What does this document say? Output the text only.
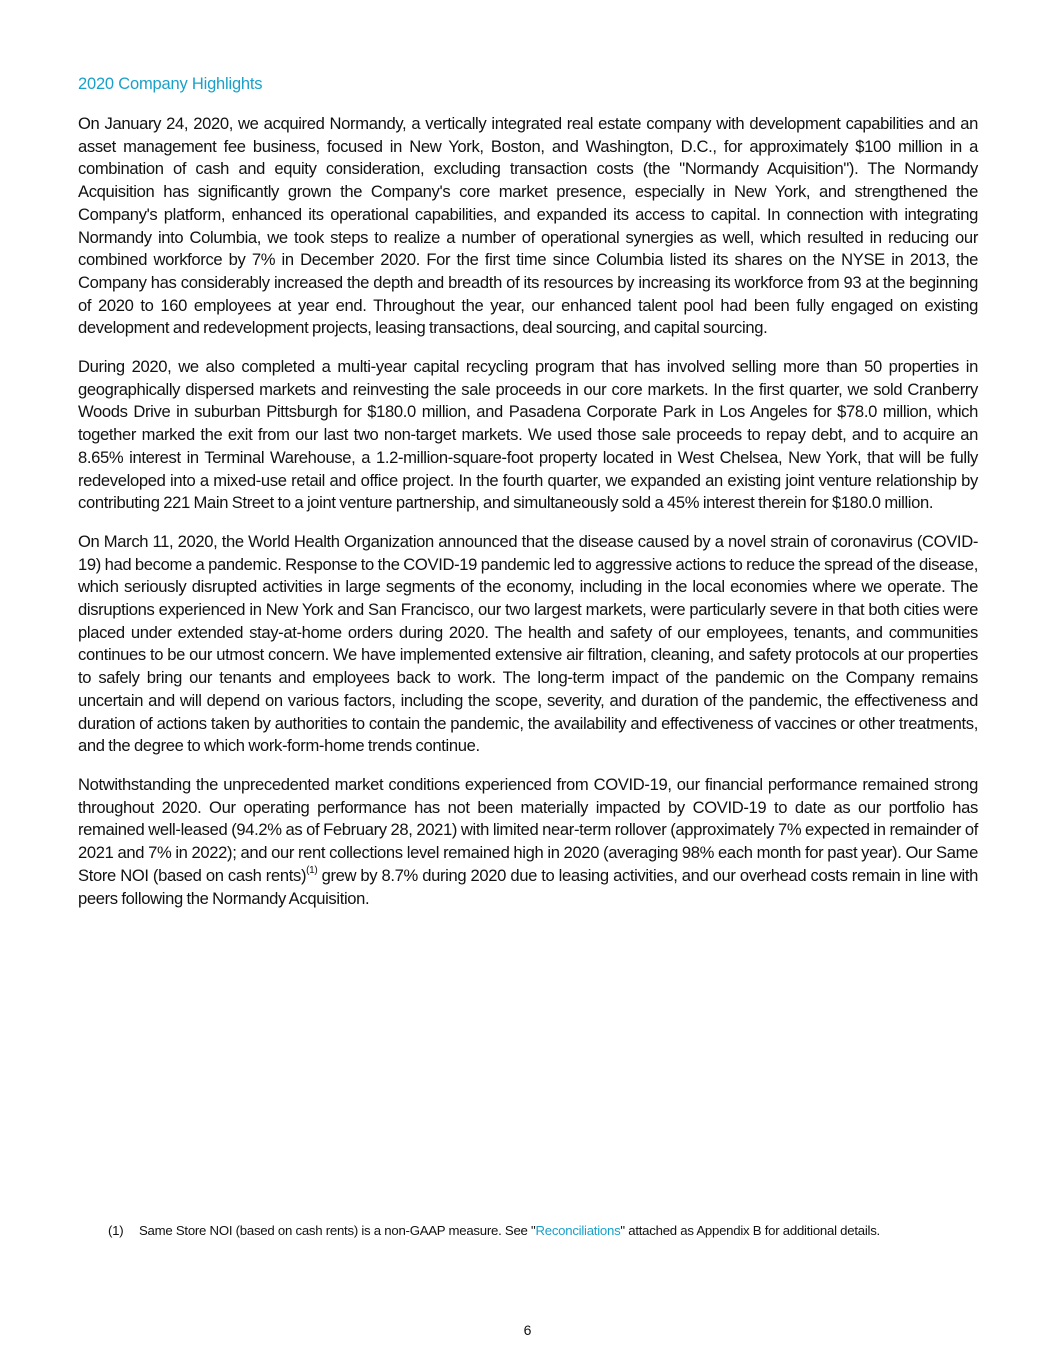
2020 Company Highlights

On January 24, 2020, we acquired Normandy, a vertically integrated real estate company with development capabilities and an asset management fee business, focused in New York, Boston, and Washington, D.C., for approximately $100 million in a combination of cash and equity consideration, excluding transaction costs (the "Normandy Acquisition"). The Normandy Acquisition has significantly grown the Company's core market presence, especially in New York, and strengthened the Company's platform, enhanced its operational capabilities, and expanded its access to capital. In connection with integrating Normandy into Columbia, we took steps to realize a number of operational synergies as well, which resulted in reducing our combined workforce by 7% in December 2020. For the first time since Columbia listed its shares on the NYSE in 2013, the Company has considerably increased the depth and breadth of its resources by increasing its workforce from 93 at the beginning of 2020 to 160 employees at year end. Throughout the year, our enhanced talent pool had been fully engaged on existing development and redevelopment projects, leasing transactions, deal sourcing, and capital sourcing.

During 2020, we also completed a multi-year capital recycling program that has involved selling more than 50 properties in geographically dispersed markets and reinvesting the sale proceeds in our core markets. In the first quarter, we sold Cranberry Woods Drive in suburban Pittsburgh for $180.0 million, and Pasadena Corporate Park in Los Angeles for $78.0 million, which together marked the exit from our last two non-target markets. We used those sale proceeds to repay debt, and to acquire an 8.65% interest in Terminal Warehouse, a 1.2-million-square-foot property located in West Chelsea, New York, that will be fully redeveloped into a mixed-use retail and office project. In the fourth quarter, we expanded an existing joint venture relationship by contributing 221 Main Street to a joint venture partnership, and simultaneously sold a 45% interest therein for $180.0 million.

On March 11, 2020, the World Health Organization announced that the disease caused by a novel strain of coronavirus (COVID-19) had become a pandemic. Response to the COVID-19 pandemic led to aggressive actions to reduce the spread of the disease, which seriously disrupted activities in large segments of the economy, including in the local economies where we operate. The disruptions experienced in New York and San Francisco, our two largest markets, were particularly severe in that both cities were placed under extended stay-at-home orders during 2020. The health and safety of our employees, tenants, and communities continues to be our utmost concern. We have implemented extensive air filtration, cleaning, and safety protocols at our properties to safely bring our tenants and employees back to work. The long-term impact of the pandemic on the Company remains uncertain and will depend on various factors, including the scope, severity, and duration of the pandemic, the effectiveness and duration of actions taken by authorities to contain the pandemic, the availability and effectiveness of vaccines or other treatments, and the degree to which work-form-home trends continue.

Notwithstanding the unprecedented market conditions experienced from COVID-19, our financial performance remained strong throughout 2020. Our operating performance has not been materially impacted by COVID-19 to date as our portfolio has remained well-leased (94.2% as of February 28, 2021) with limited near-term rollover (approximately 7% expected in remainder of 2021 and 7% in 2022); and our rent collections level remained high in 2020 (averaging 98% each month for past year). Our Same Store NOI (based on cash rents)$^{(1)}$ grew by 8.7% during 2020 due to leasing activities, and our overhead costs remain in line with peers following the Normandy Acquisition.

(1) Same Store NOI (based on cash rents) is a non-GAAP measure. See "Reconciliations" attached as Appendix B for additional details.
6
